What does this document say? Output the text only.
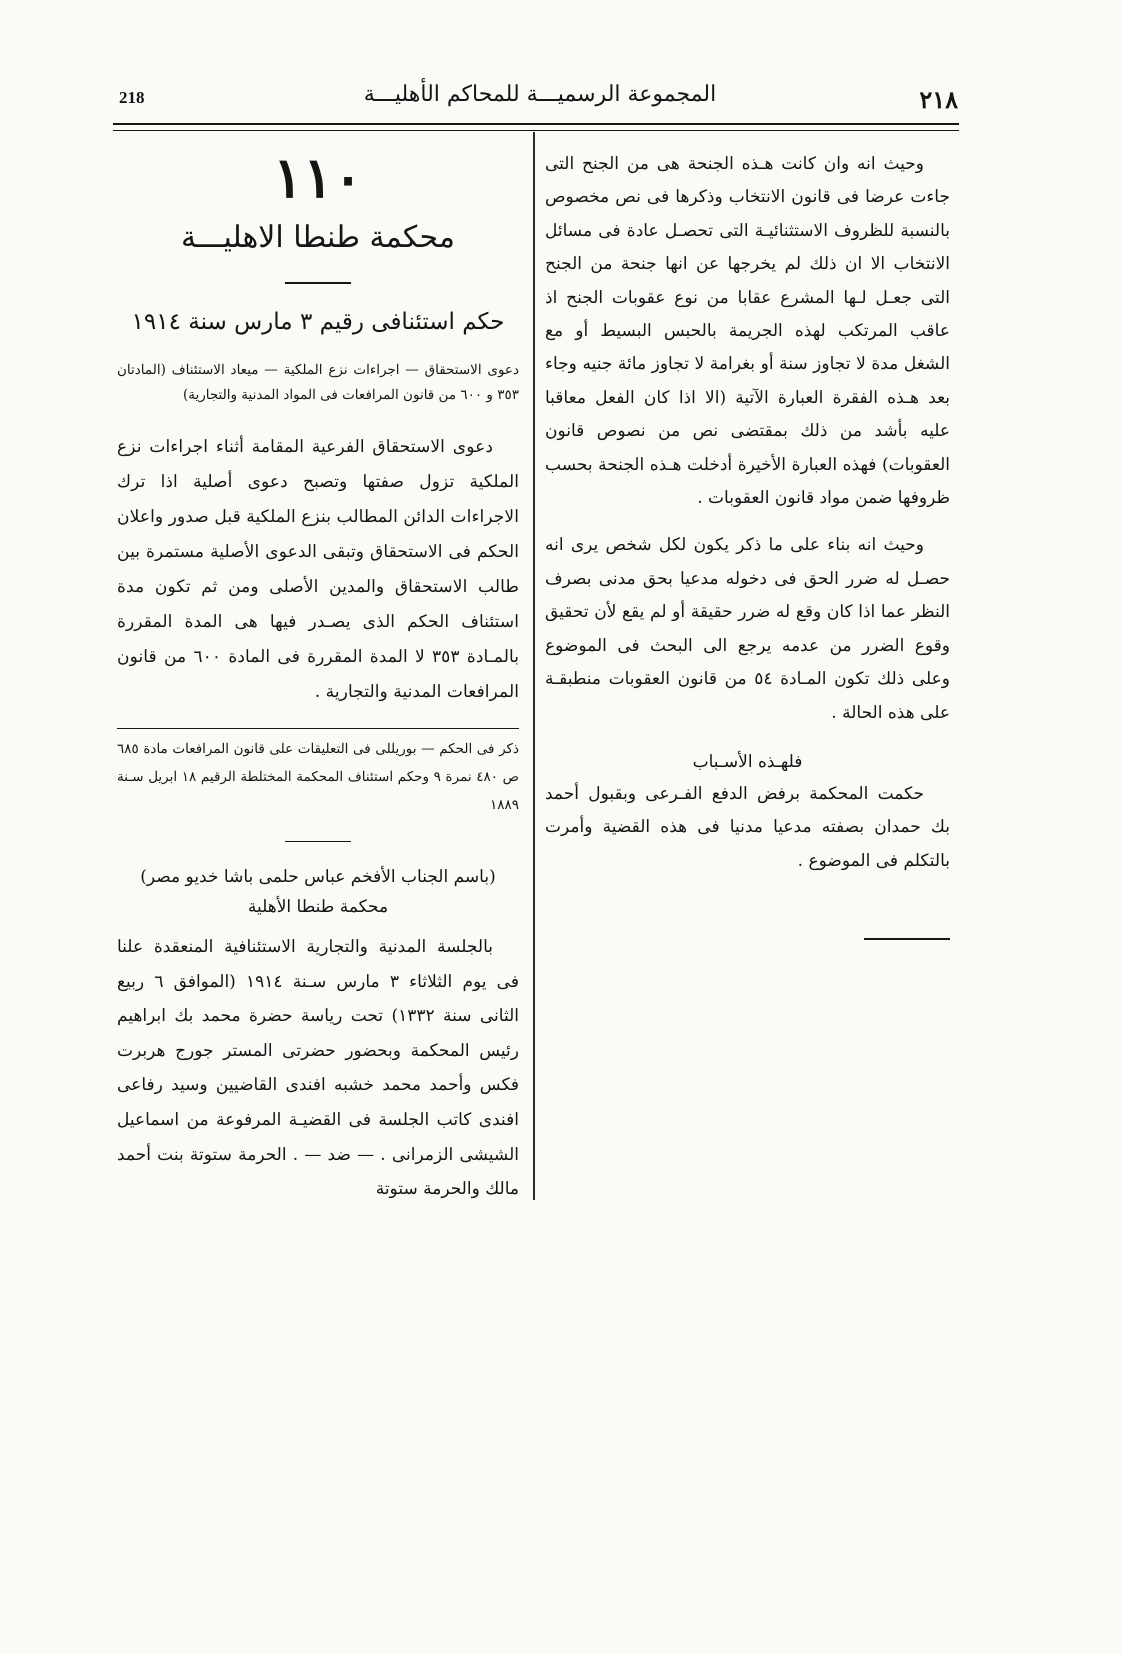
218	المجموعة الرسميـــة للمحاكم الأهليـــة	٢١٨

وحيث انه وان كانت هـذه الجنحة هى من الجنح التى جاءت عرضا فى قانون الانتخاب وذكرها فى نص مخصوص بالنسبة للظروف الاستثنائيـة التى تحصـل عادة فى مسائل الانتخاب الا ان ذلك لم يخرجها عن انها جنحة من الجنح التى جعـل لـها المشرع عقابا من نوع عقوبات الجنح اذ عاقب المرتكب لهذه الجريمة بالحبس البسيط أو مع الشغل مدة لا تجاوز سنة أو بغرامة لا تجاوز مائة جنيه وجاء بعد هـذه الفقرة العبارة الآتية (الا اذا كان الفعل معاقبا عليه بأشد من ذلك بمقتضى نص من نصوص قانون العقوبات) فهذه العبارة الأخيرة أدخلت هـذه الجنحة بحسب ظروفها ضمن مواد قانون العقوبات .

وحيث انه بناء على ما ذكر يكون لكل شخص يرى انه حصـل له ضرر الحق فى دخوله مدعيا بحق مدنى بصرف النظر عما اذا كان وقع له ضرر حقيقة أو لم يقع لأن تحقيق وقوع الضرر من عدمه يرجع الى البحث فى الموضوع وعلى ذلك تكون المـادة ٥٤ من قانون العقوبات منطبقـة على هذه الحالة .

فلهـذه الأسـباب

حكمت المحكمة برفض الدفع الفـرعى وبقبول أحمد بك حمدان بصفته مدعيا مدنيا فى هذه القضية وأمرت بالتكلم فى الموضوع .

١١٠
محكمة طنطا الاهليـــة
حكم استئنافى رقيم ٣ مارس سنة ١٩١٤
دعوى الاستحقاق — اجراءات نزع الملكية — ميعاد الاستئناف (المادتان ٣٥٣ و ٦٠٠ من قانون المرافعات فى المواد المدنية والتجارية)

دعوى الاستحقاق الفرعية المقامة أثناء اجراءات نزع الملكية تزول صفتها وتصبح دعوى أصلية اذا ترك الاجراءات الدائن المطالب بنزع الملكية قبل صدور واعلان الحكم فى الاستحقاق وتبقى الدعوى الأصلية مستمرة بين طالب الاستحقاق والمدين الأصلى ومن ثم تكون مدة استئناف الحكم الذى يصـدر فيها هى المدة المقررة بالمـادة ٣٥٣ لا المدة المقررة فى المادة ٦٠٠ من قانون المرافعات المدنية والتجارية .

ذكر فى الحكم — بوريللى فى التعليقات على قانون المرافعات مادة ٦٨٥ ص ٤٨٠ نمرة ٩ وحكم استئناف المحكمة المختلطة الرقيم ١٨ ابريل سـنة ١٨٨٩
(باسم الجناب الأفخم عباس حلمى باشا خديو مصر)
محكمة طنطا الأهلية

بالجلسة المدنية والتجارية الاستئنافية المنعقدة علنا فى يوم الثلاثاء ٣ مارس سـنة ١٩١٤ (الموافق ٦ ربيع الثانى سنة ١٣٣٢) تحت رياسة حضرة محمد بك ابراهيم رئيس المحكمة وبحضور حضرتى المستر جورج هربرت فكس وأحمد محمد خشبه افندى القاضيين وسيد رفاعى افندى كاتب الجلسة فى القضيـة المرفوعة من اسماعيل الشيشى الزمرانى . — ضد — . الحرمة ستوتة بنت أحمد مالك والحرمة ستوتة
